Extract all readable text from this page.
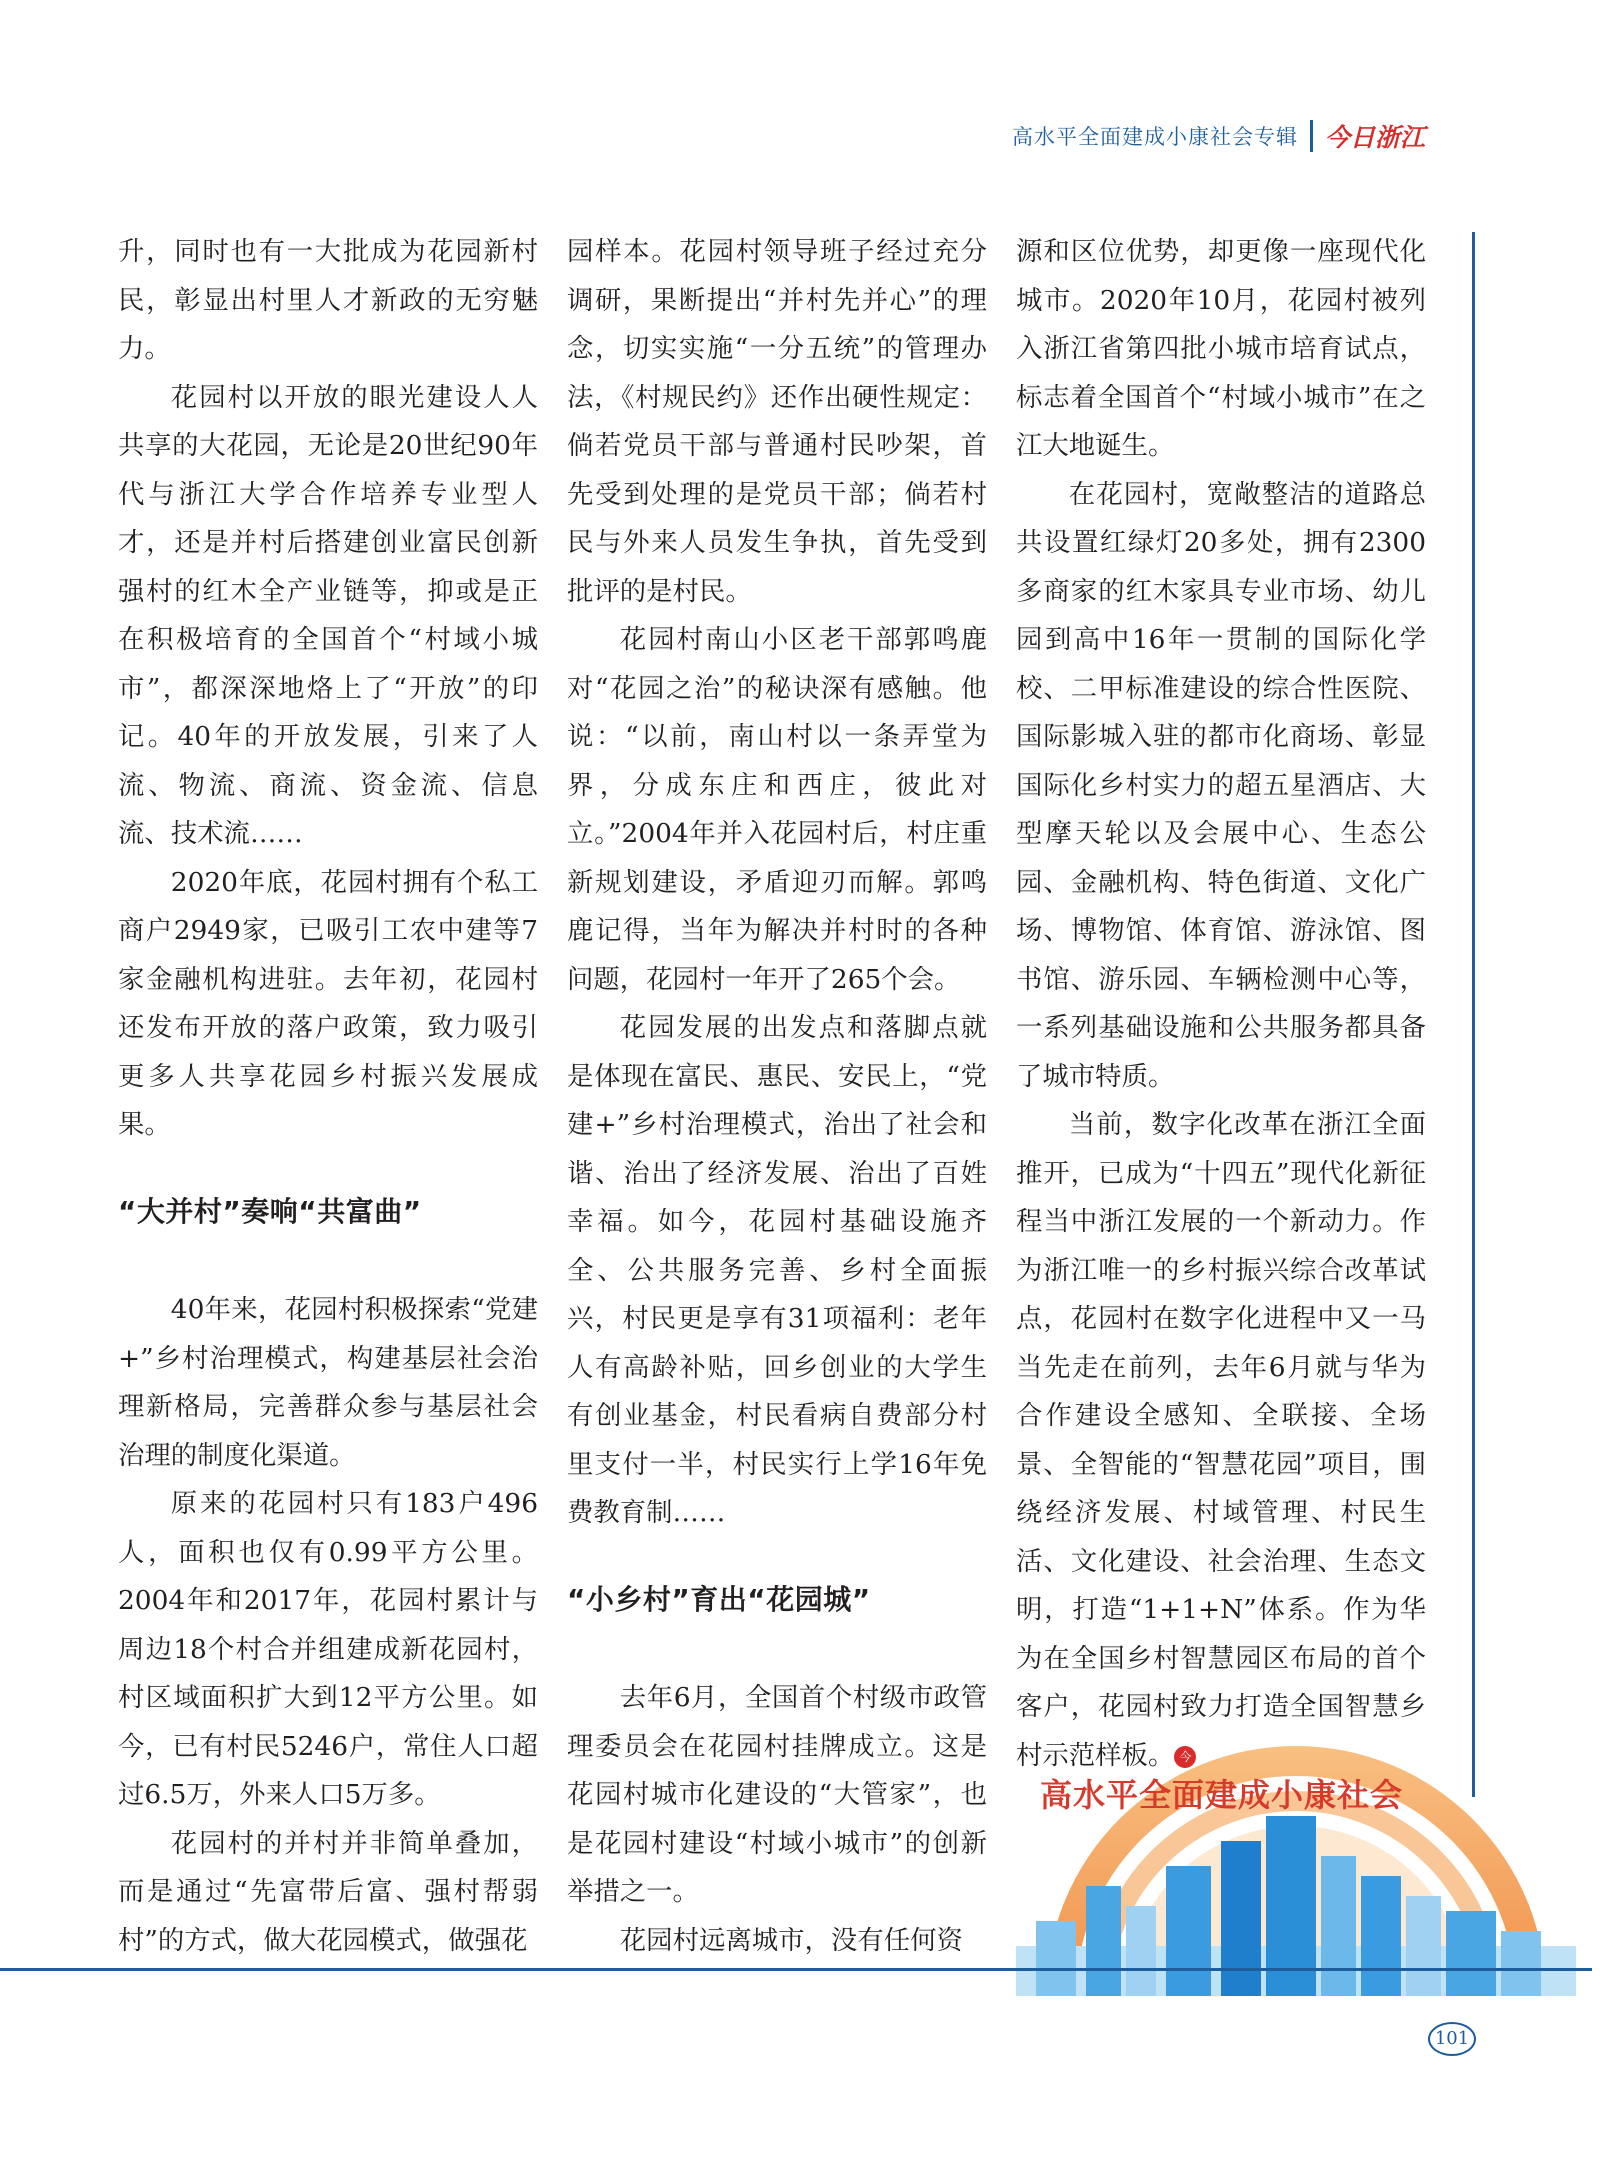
高水平全面建成小康社会专辑 今日浙江

升，同时也有一大批成为花园新村民，彰显出村里人才新政的无穷魅力。

花园村以开放的眼光建设人人共享的大花园，无论是20世纪90年代与浙江大学合作培养专业型人才，还是并村后搭建创业富民创新强村的红木全产业链等，抑或是正在积极培育的全国首个“村域小城市”，都深深地烙上了“开放”的印记。40年的开放发展，引来了人流、物流、商流、资金流、信息流、技术流……

2020年底，花园村拥有个私工商户2949家，已吸引工农中建等7家金融机构进驻。去年初，花园村还发布开放的落户政策，致力吸引更多人共享花园乡村振兴发展成果。

“大并村”奏响“共富曲”

40年来，花园村积极探索“党建+”乡村治理模式，构建基层社会治理新格局，完善群众参与基层社会治理的制度化渠道。

原来的花园村只有183户496人，面积也仅有0.99平方公里。2004年和2017年，花园村累计与周边18个村合并组建成新花园村，村区域面积扩大到12平方公里。如今，已有村民5246户，常住人口超过6.5万，外来人口5万多。

花园村的并村并非简单叠加，而是通过“先富带后富、强村帮弱村”的方式，做大花园模式，做强花

园样本。花园村领导班子经过充分调研，果断提出“并村先并心”的理念，切实实施“一分五统”的管理办法，《村规民约》还作出硬性规定：倘若党员干部与普通村民吵架，首先受到处理的是党员干部；倘若村民与外来人员发生争执，首先受到批评的是村民。

花园村南山小区老干部郭鸣鹿对“花园之治”的秘诀深有感触。他说：“以前，南山村以一条弄堂为界，分成东庄和西庄，彼此对立。”2004年并入花园村后，村庄重新规划建设，矛盾迎刃而解。郭鸣鹿记得，当年为解决并村时的各种问题，花园村一年开了265个会。

花园发展的出发点和落脚点就是体现在富民、惠民、安民上，“党建+”乡村治理模式，治出了社会和谐、治出了经济发展、治出了百姓幸福。如今，花园村基础设施齐全、公共服务完善、乡村全面振兴，村民更是享有31项福利：老年人有高龄补贴，回乡创业的大学生有创业基金，村民看病自费部分村里支付一半，村民实行上学16年免费教育制……

“小乡村”育出“花园城”

去年6月，全国首个村级市政管理委员会在花园村挂牌成立。这是花园村城市化建设的“大管家”，也是花园村建设“村域小城市”的创新举措之一。

花园村远离城市，没有任何资

源和区位优势，却更像一座现代化城市。2020年10月，花园村被列入浙江省第四批小城市培育试点，标志着全国首个“村域小城市”在之江大地诞生。

在花园村，宽敞整洁的道路总共设置红绿灯20多处，拥有2300多商家的红木家具专业市场、幼儿园到高中16年一贯制的国际化学校、二甲标准建设的综合性医院、国际影城入驻的都市化商场、彰显国际化乡村实力的超五星酒店、大型摩天轮以及会展中心、生态公园、金融机构、特色街道、文化广场、博物馆、体育馆、游泳馆、图书馆、游乐园、车辆检测中心等，一系列基础设施和公共服务都具备了城市特质。

当前，数字化改革在浙江全面推开，已成为“十四五”现代化新征程当中浙江发展的一个新动力。作为浙江唯一的乡村振兴综合改革试点，花园村在数字化进程中又一马当先走在前列，去年6月就与华为合作建设全感知、全联接、全场景、全智能的“智慧花园”项目，围绕经济发展、村域管理、村民生活、文化建设、社会治理、生态文明，打造“1+1+N”体系。作为华为在全国乡村智慧园区布局的首个客户，花园村致力打造全国智慧乡村示范样板。 今

高水平全面建成小康社会
101
